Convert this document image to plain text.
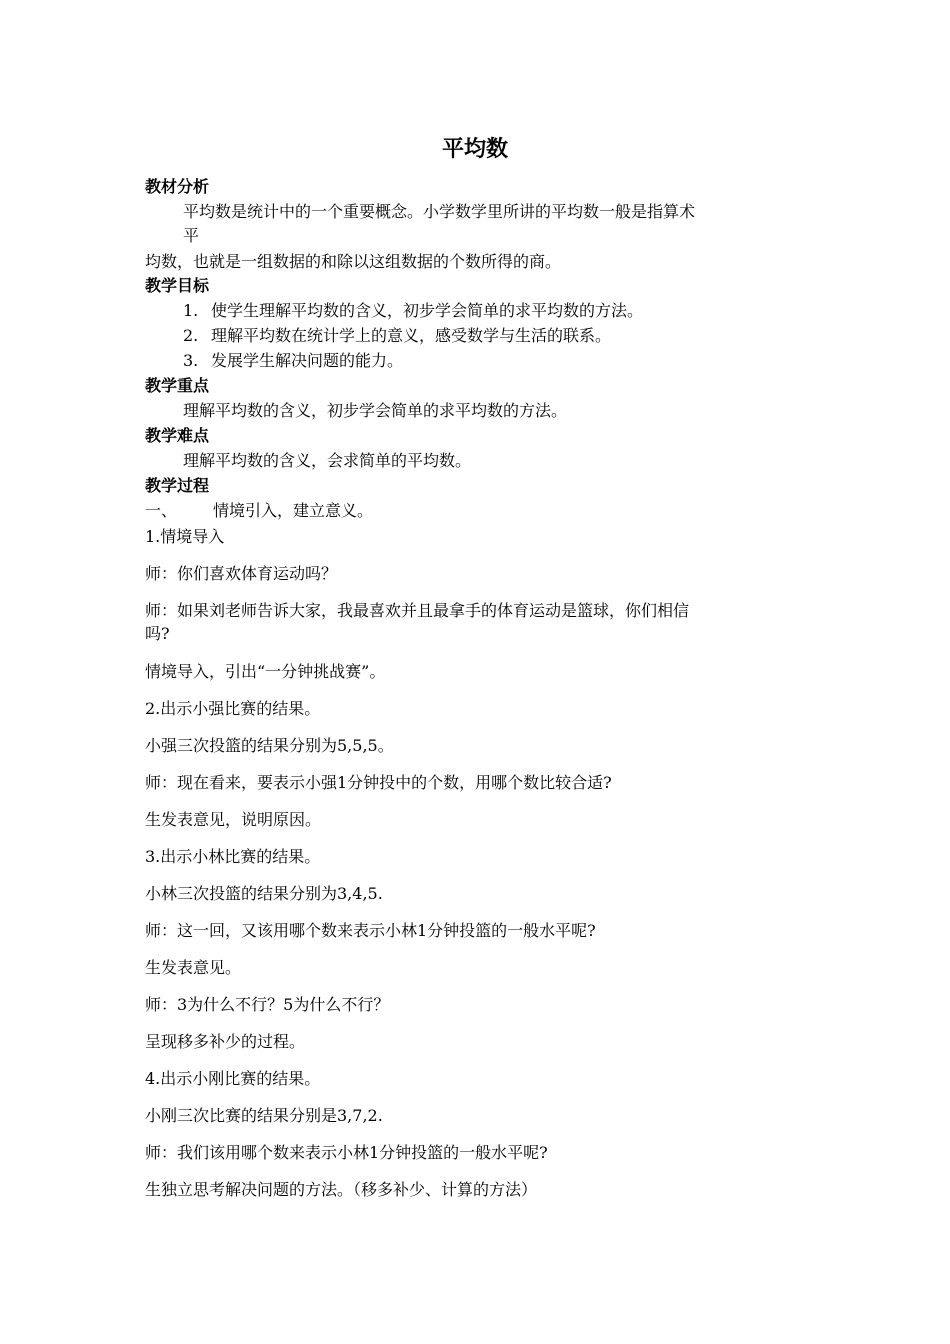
平均数
教材分析
平均数是统计中的一个重要概念。小学数学里所讲的平均数一般是指算术
平
均数，也就是一组数据的和除以这组数据的个数所得的商。
教学目标
1. 使学生理解平均数的含义，初步学会简单的求平均数的方法。
2. 理解平均数在统计学上的意义，感受数学与生活的联系。
3. 发展学生解决问题的能力。
教学重点
理解平均数的含义，初步学会简单的求平均数的方法。
教学难点
理解平均数的含义，会求简单的平均数。
教学过程
一、 情境引入，建立意义。
1.情境导入
师：你们喜欢体育运动吗？
师：如果刘老师告诉大家，我最喜欢并且最拿手的体育运动是篮球，你们相信
吗?
情境导入，引出“一分钟挑战赛”。
2.出示小强比赛的结果。
小强三次投篮的结果分别为5,5,5。
师：现在看来，要表示小强1分钟投中的个数，用哪个数比较合适?
生发表意见，说明原因。
3.出示小林比赛的结果。
小林三次投篮的结果分别为3,4,5.
师：这一回，又该用哪个数来表示小林1分钟投篮的一般水平呢?
生发表意见。
师：3为什么不行？5为什么不行？
呈现移多补少的过程。
4.出示小刚比赛的结果。
小刚三次比赛的结果分别是3,7,2.
师：我们该用哪个数来表示小林1分钟投篮的一般水平呢?
生独立思考解决问题的方法。（移多补少、计算的方法）
